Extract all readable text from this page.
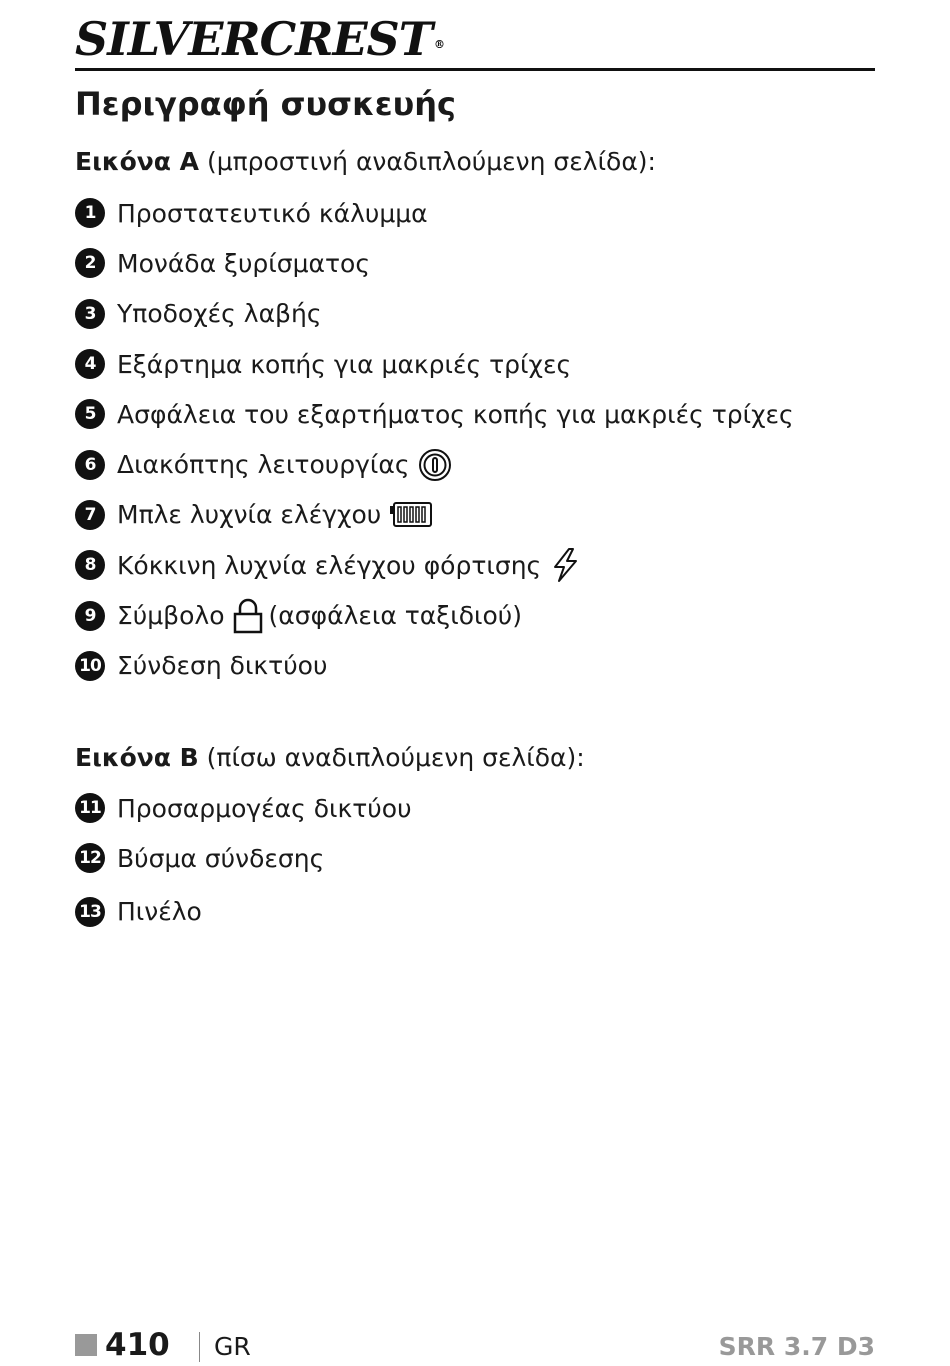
SILVERCREST ®
Περιγραφή συσκευής

Εικόνα A (μπροστινή αναδιπλούμενη σελίδα):

1 Προστατευτικό κάλυμμα
2 Μονάδα ξυρίσματος
3 Υποδοχές λαβής
4 Εξάρτημα κοπής για μακριές τρίχες
5 Ασφάλεια του εξαρτήματος κοπής για μακριές τρίχες
6 Διακόπτης λειτουργίας
7 Μπλε λυχνία ελέγχου
8 Κόκκινη λυχνία ελέγχου φόρτισης
9 Σύμβολο (ασφάλεια ταξιδιού)
10 Σύνδεση δικτύου

Εικόνα B (πίσω αναδιπλούμενη σελίδα):

11 Προσαρμογέας δικτύου
12 Βύσμα σύνδεσης
13 Πινέλο
410 GR	SRR 3.7 D3
